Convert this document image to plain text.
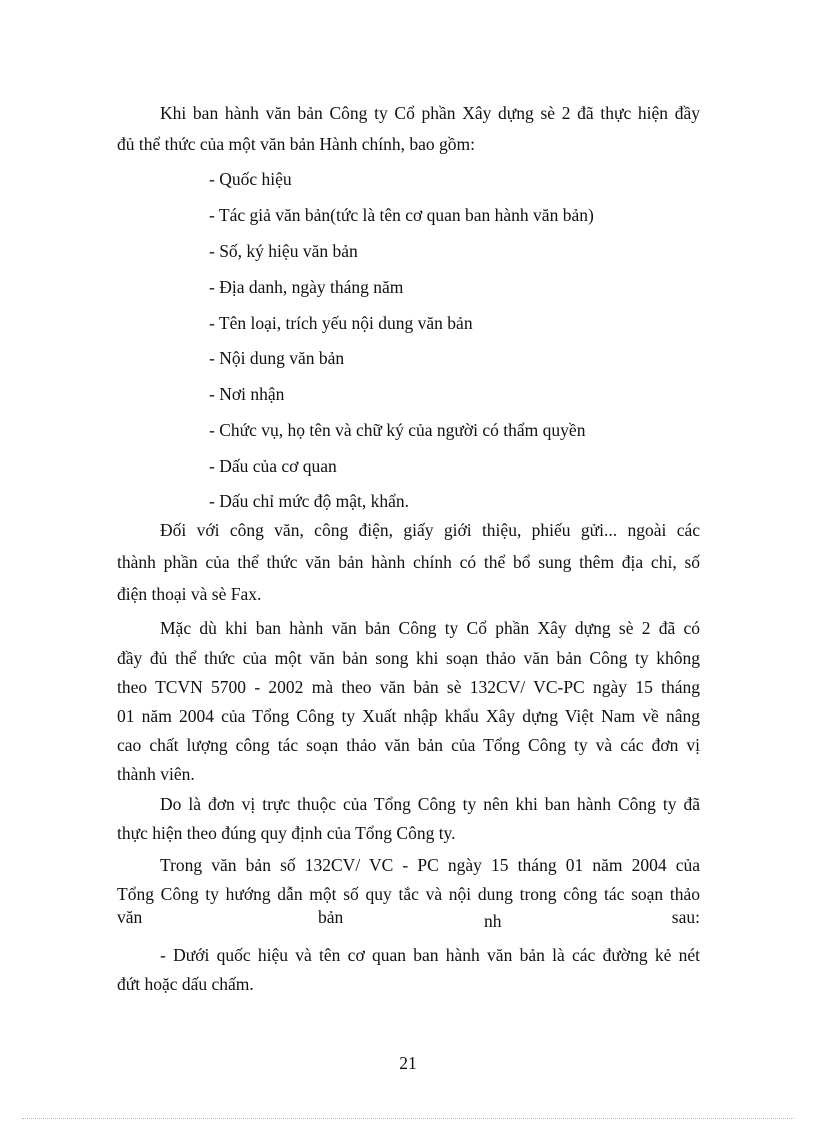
Khi ban hành văn bản Công ty Cổ phần Xây dựng sè 2 đã thực hiện đầy
đủ thể thức của một văn bản Hành chính, bao gồm:
- Quốc hiệu
- Tác giả văn bản(tức là tên cơ quan ban hành văn bản)
- Số, ký hiệu văn bản
- Địa danh, ngày tháng năm
- Tên loại, trích yếu nội dung văn bản
- Nội dung văn bản
- Nơi nhận
- Chức vụ, họ tên và chữ ký của người có thẩm quyền
- Dấu của cơ quan
- Dấu chỉ mức độ mật, khẩn.
Đối với công văn, công điện, giấy giới thiệu, phiếu gửi... ngoài các
thành phần của thể thức văn bản hành chính có thể bổ sung thêm địa chỉ, số
điện thoại và sè Fax.
Mặc dù khi ban hành văn bản Công ty Cổ phần Xây dựng sè 2 đã có
đầy đủ thể thức của một văn bản song khi soạn thảo văn bản Công ty không
theo TCVN 5700 - 2002 mà theo văn bản sè 132CV/ VC-PC ngày 15 tháng
01 năm 2004 của Tổng Công ty Xuất nhập khẩu Xây dựng Việt Nam về nâng
cao chất lượng công tác soạn thảo văn bản của Tổng Công ty và các đơn vị
thành viên.
Do là đơn vị trực thuộc của Tổng Công ty nên khi ban hành Công ty đã
thực hiện theo đúng quy định của Tổng Công ty.
Trong văn bản số 132CV/ VC - PC ngày 15 tháng 01 năm 2004 của
Tổng Công ty hướng dẫn một số quy tắc và nội dung trong công tác soạn thảo
văn	bản	nh	sau:
- Dưới quốc hiệu và tên cơ quan ban hành văn bản là các đường kẻ nét
đứt hoặc dấu chấm.
21
